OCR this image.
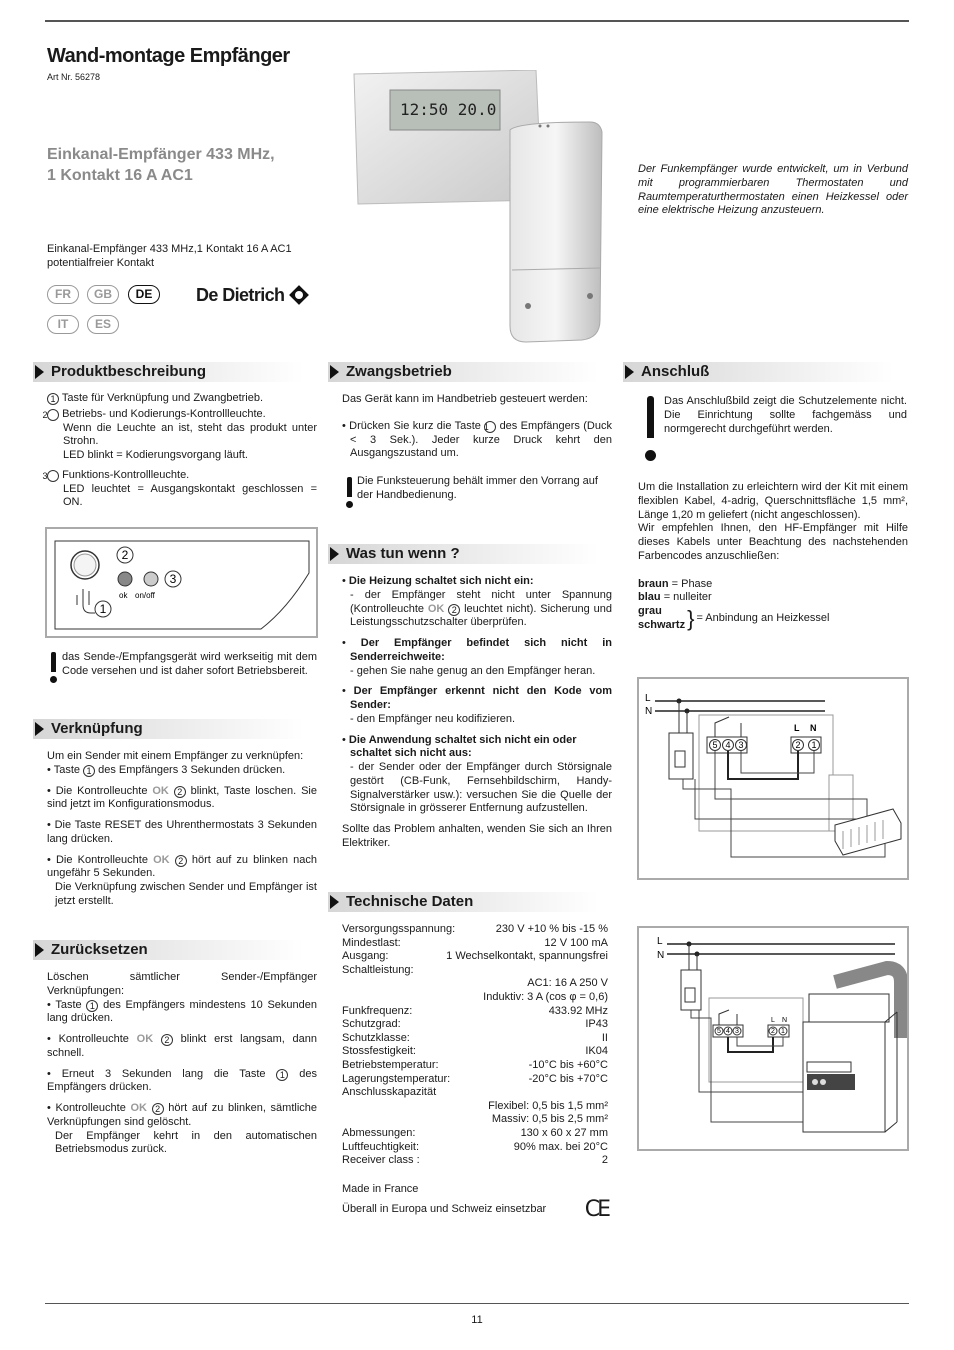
Wand-montage Empfänger
Art Nr. 56278
Einkanal-Empfänger 433 MHz,
1 Kontakt 16 A AC1
Einkanal-Empfänger 433 MHz,1 Kontakt 16 A AC1
potentialfreier Kontakt
FR	GB	DE
IT	ES
De Dietrich
12:50 20.0
Der Funkempfänger wurde entwickelt, um in Verbund mit programmierbaren Thermostaten und Raumtemperaturthermostaten einen Heizkessel oder eine elektrische Heizung anzusteuern.
Produktbeschreibung
1 Taste für Verknüpfung und Zwangbetrieb.
2 Betriebs- und Kodierungs-Kontrollleuchte.
Wenn die Leuchte an ist, steht das produkt unter Strohn.
LED blinkt = Kodierungsvorgang läuft.
3 Funktions-Kontrollleuchte.
LED leuchtet = Ausgangskontakt geschlossen = ON.
3
2
1
ok on/off
das Sende-/Empfangsgerät wird werkseitig mit dem Code versehen und ist daher sofort Betriebsbereit.
Verknüpfung
Um ein Sender mit einem Empfänger zu verknüpfen:
• Taste 1 des Empfängers 3 Sekunden drücken.
• Die Kontrolleuchte OK 2 blinkt, Taste loschen. Sie sind jetzt im Konfigurationsmodus.
• Die Taste RESET des Uhrenthermostats 3 Sekunden lang drücken.
• Die Kontrolleuchte OK 2 hört auf zu blinken nach ungefähr 5 Sekunden.
Die Verknüpfung zwischen Sender und Empfänger ist jetzt erstellt.
Zurücksetzen
Löschen sämtlicher Sender-/Empfänger Verknüpfungen:
• Taste 1 des Empfängers mindestens 10 Sekunden lang drücken.
• Kontrolleuchte OK 2 blinkt erst langsam, dann schnell.
• Erneut 3 Sekunden lang die Taste 1 des Empfängers drücken.
• Kontrolleuchte OK 2 hört auf zu blinken, sämtliche Verknüpfungen sind gelöscht.
Der Empfänger kehrt in den automatischen Betriebsmodus zurück.
Zwangsbetrieb
Das Gerät kann im Handbetrieb gesteuert werden:
• Drücken Sie kurz die Taste 1 des Empfängers (Duck < 3 Sek.). Jeder kurze Druck kehrt den Ausgangszustand um.
Die Funksteuerung behält immer den Vorrang auf der Handbedienung.
Was tun wenn ?
• Die Heizung schaltet sich nicht ein:
- der Empfänger steht nicht unter Spannung (Kontrolleuchte OK 2 leuchtet nicht). Sicherung und Leistungsschutzschalter überprüfen.
• Der Empfänger befindet sich nicht in Senderreichweite:
- gehen Sie nahe genug an den Empfänger heran.
• Der Empfänger erkennt nicht den Kode vom Sender:
- den Empfänger neu kodifizieren.
• Die Anwendung schaltet sich nicht ein oder schaltet sich nicht aus:
- der Sender oder der Empfänger durch Störsignale gestört (CB-Funk, Fernsehbildschirm, Handy-Signalverstärker usw.): versuchen Sie die Quelle der Störsignale in grösserer Entfernung aufzustellen.
Sollte das Problem anhalten, wenden Sie sich an Ihren Elektriker.
Technische Daten
Versorgungsspannung:	230 V +10 % bis -15 %
Mindestlast:	12 V 100 mA
Ausgang:	1 Wechselkontakt, spannungsfrei
Schaltleistung:
AC1: 16 A 250 V
Induktiv: 3 A (cos φ = 0,6)
Funkfrequenz:	433.92 MHz
Schutzgrad:	IP43
Schutzklasse:	II
Stossfestigkeit:	IK04
Betriebstemperatur:	-10°C bis +60°C
Lagerungstemperatur:	-20°C bis +70°C
Anschlusskapazität
Flexibel: 0,5 bis 1,5 mm²
Massiv: 0,5 bis 2,5 mm²
Abmessungen:	130 x 60 x 27 mm
Luftfeuchtigkeit:	90% max. bei 20°C
Receiver class :	2
Made in France
Überall in Europa und Schweiz einsetzbar CE
Anschluß
Das Anschlußbild zeigt die Schutzelemente nicht. Die Einrichtung sollte fachgemäss und normgerecht durchgeführt werden.
Um die Installation zu erleichtern wird der Kit mit einem flexiblen Kabel, 4-adrig, Querschnittsfläche 1,5 mm², Länge 1,20 m geliefert (nicht angeschlossen).
Wir empfehlen Ihnen, den HF-Empfänger mit Hilfe dieses Kabels unter Beachtung des nachstehenden Farbencodes anzuschließen:
braun = Phase
blau = nulleiter
grau
schwartz } = Anbindung an Heizkessel
L
N
5 4 3	2 1
L N
L
N
5 4 3	2 1
L N
11
